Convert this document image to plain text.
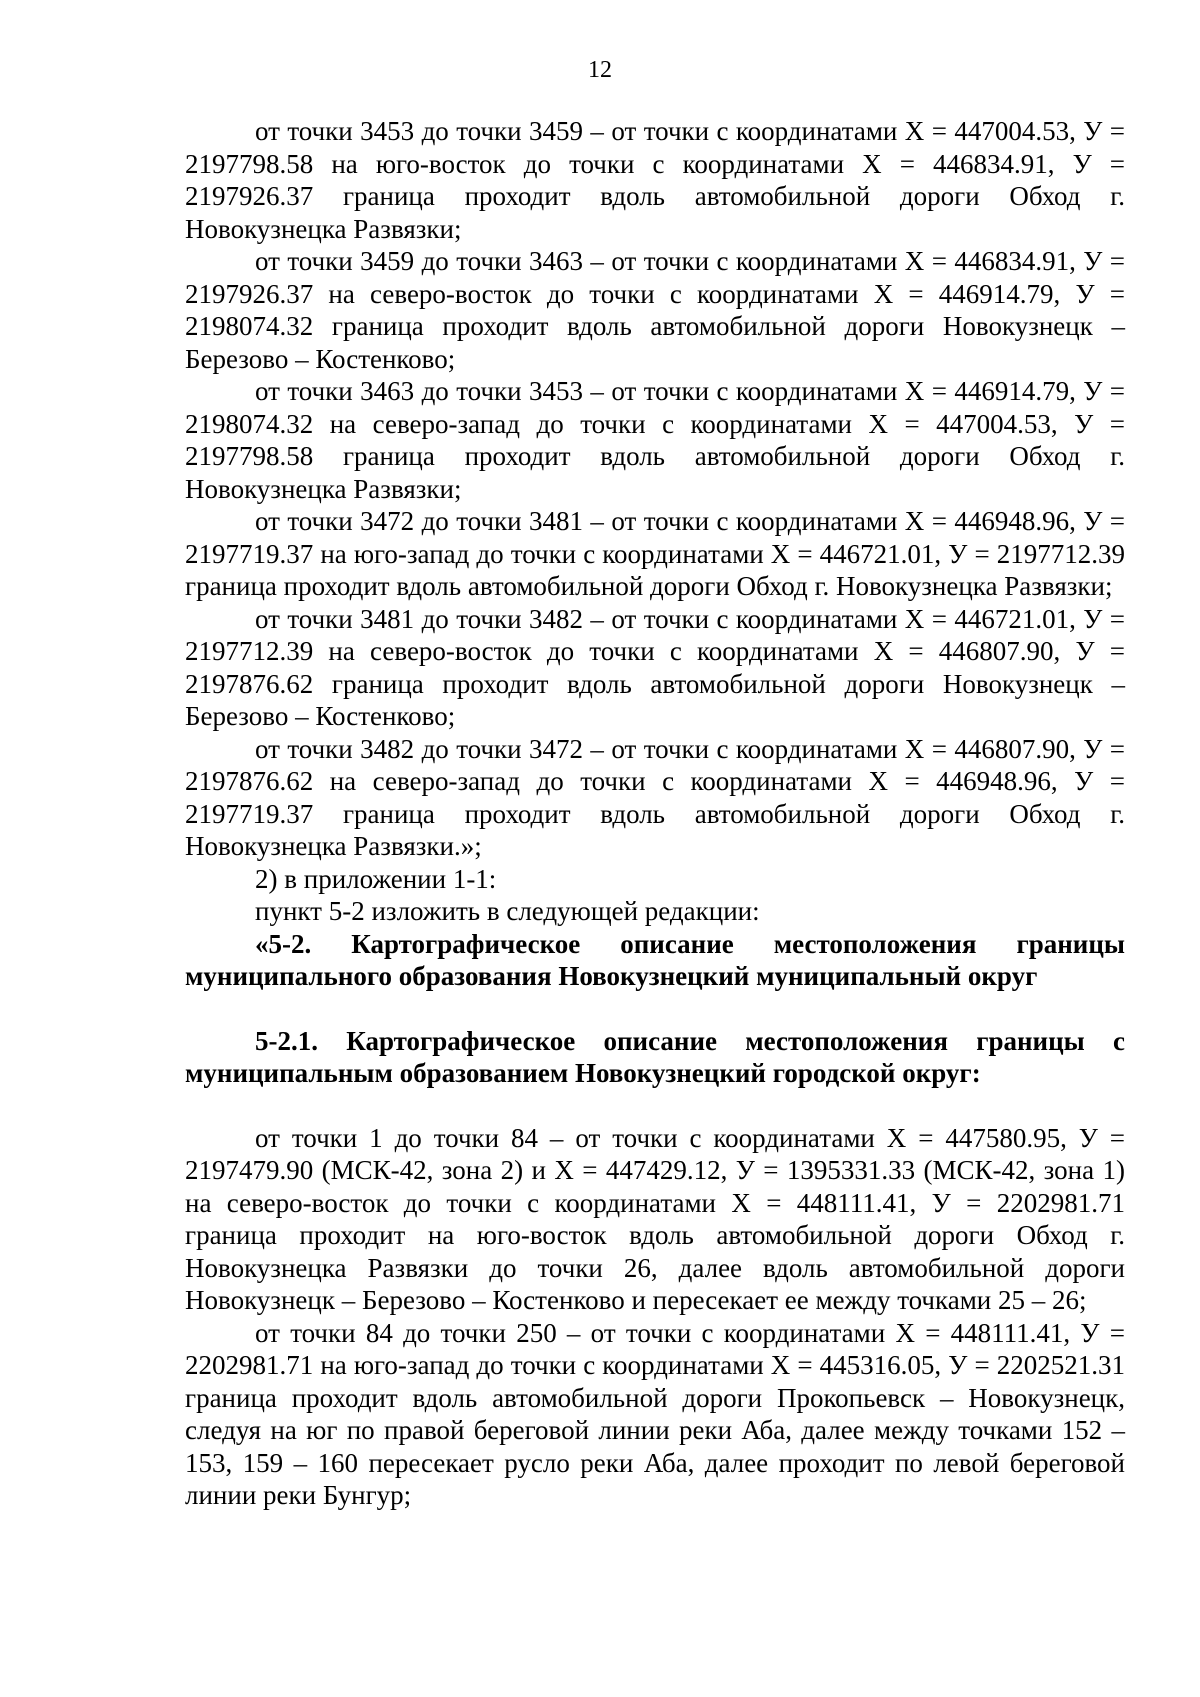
12

от точки 3453 до точки 3459 – от точки с координатами Х = 447004.53, У = 2197798.58 на юго-восток до точки с координатами Х = 446834.91, У = 2197926.37 граница проходит вдоль автомобильной дороги Обход г. Новокузнецка Развязки;

от точки 3459 до точки 3463 – от точки с координатами Х = 446834.91, У = 2197926.37 на северо-восток до точки с координатами Х = 446914.79, У = 2198074.32 граница проходит вдоль автомобильной дороги Новокузнецк – Березово – Костенково;

от точки 3463 до точки 3453 – от точки с координатами Х = 446914.79, У = 2198074.32 на северо-запад до точки с координатами Х = 447004.53, У = 2197798.58 граница проходит вдоль автомобильной дороги Обход г. Новокузнецка Развязки;

от точки 3472 до точки 3481 – от точки с координатами Х = 446948.96, У = 2197719.37 на юго-запад до точки с координатами Х = 446721.01, У = 2197712.39 граница проходит вдоль автомобильной дороги Обход г. Новокузнецка Развязки;

от точки 3481 до точки 3482 – от точки с координатами Х = 446721.01, У = 2197712.39 на северо-восток до точки с координатами Х = 446807.90, У = 2197876.62 граница проходит вдоль автомобильной дороги Новокузнецк – Березово – Костенково;

от точки 3482 до точки 3472 – от точки с координатами Х = 446807.90, У = 2197876.62 на северо-запад до точки с координатами Х = 446948.96, У = 2197719.37 граница проходит вдоль автомобильной дороги Обход г. Новокузнецка Развязки.»;

2) в приложении 1-1:

пункт 5-2 изложить в следующей редакции:

«5-2. Картографическое описание местоположения границы муниципального образования Новокузнецкий муниципальный округ

5-2.1. Картографическое описание местоположения границы с муниципальным образованием Новокузнецкий городской округ:

от точки 1 до точки 84 – от точки с координатами Х = 447580.95, У = 2197479.90 (МСК-42, зона 2) и Х = 447429.12, У = 1395331.33 (МСК-42, зона 1) на северо-восток до точки с координатами Х = 448111.41, У = 2202981.71 граница проходит на юго-восток вдоль автомобильной дороги Обход г. Новокузнецка Развязки до точки 26, далее вдоль автомобильной дороги Новокузнецк – Березово – Костенково и пересекает ее между точками 25 – 26;

от точки 84 до точки 250 – от точки с координатами Х = 448111.41, У = 2202981.71 на юго-запад до точки с координатами Х = 445316.05, У = 2202521.31 граница проходит вдоль автомобильной дороги Прокопьевск – Новокузнецк, следуя на юг по правой береговой линии реки Аба, далее между точками 152 – 153, 159 – 160 пересекает русло реки Аба, далее проходит по левой береговой линии реки Бунгур;
